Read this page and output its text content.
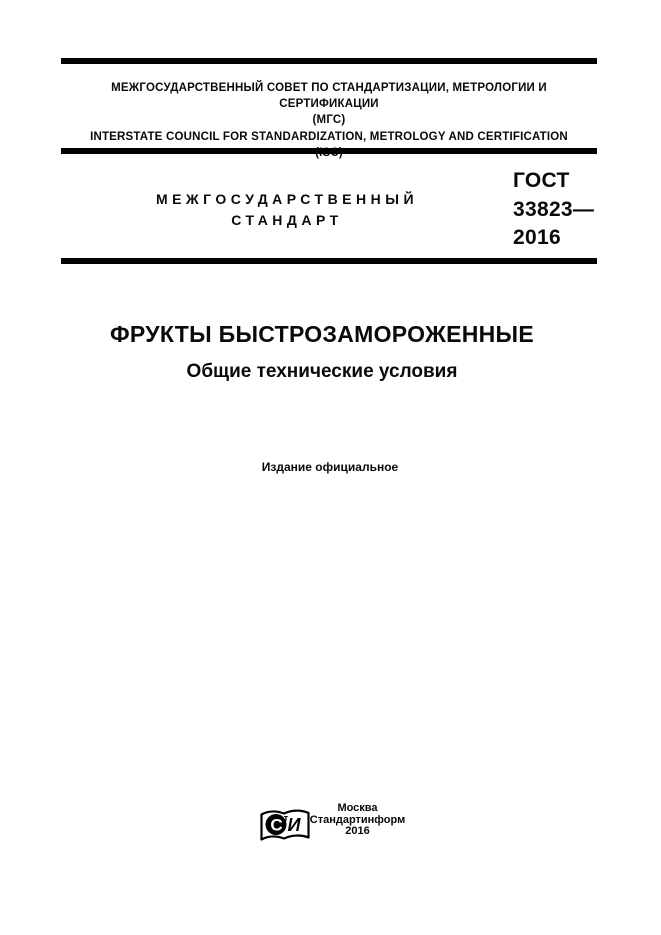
МЕЖГОСУДАРСТВЕННЫЙ СОВЕТ ПО СТАНДАРТИЗАЦИИ, МЕТРОЛОГИИ И СЕРТИФИКАЦИИ
(МГС)
INTERSTATE COUNCIL FOR STANDARDIZATION, METROLOGY AND CERTIFICATION
МЕЖГОСУДАРСТВЕННЫЙ
СТАНДАРТ
ГОСТ
33823—
2016
ФРУКТЫ БЫСТРОЗАМОРОЖЕННЫЕ
Общие технические условия
Издание официальное
С т И
Москва
Стандартинформ
2016
